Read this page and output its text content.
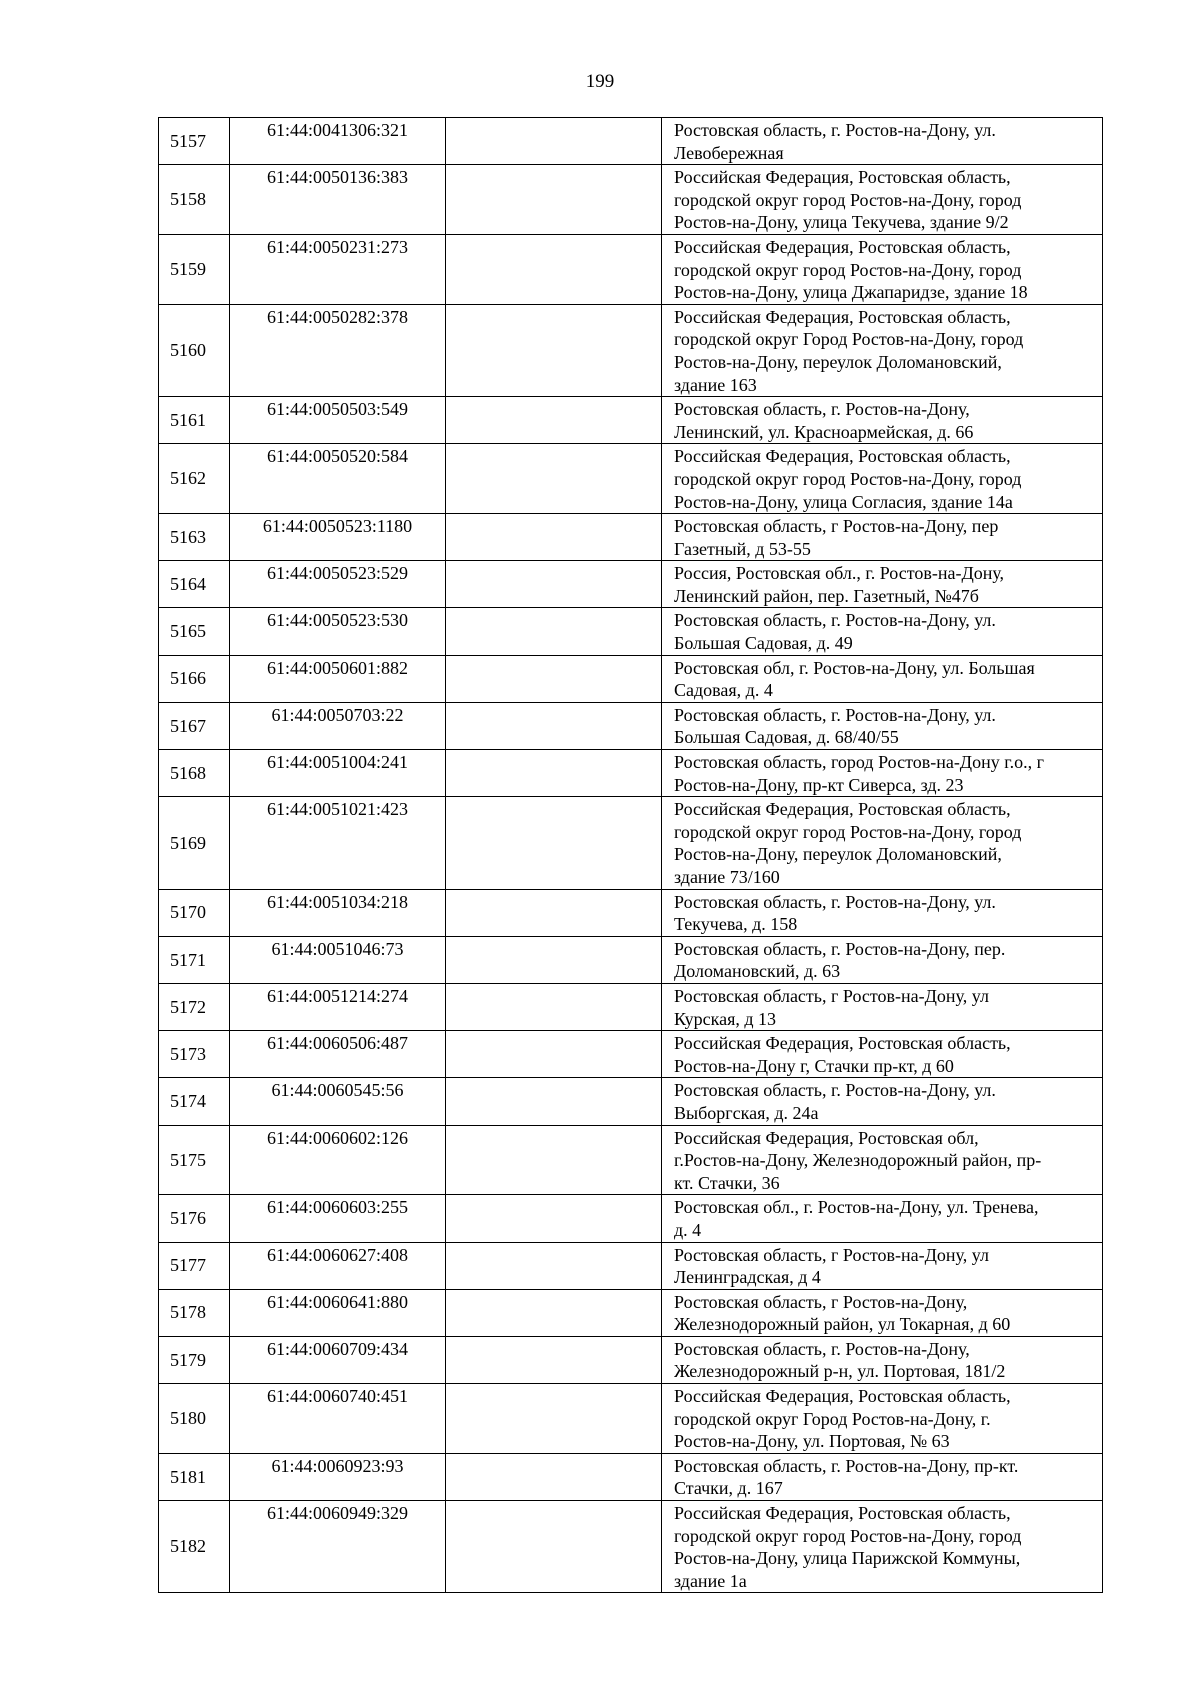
199
5157	61:44:0041306:321		Ростовская область, г. Ростов-на-Дону, ул.
Левобережная

5158	61:44:0050136:383		Российская Федерация, Ростовская область,
городской округ город Ростов-на-Дону, город
Ростов-на-Дону, улица Текучева, здание 9/2

5159	61:44:0050231:273		Российская Федерация, Ростовская область,
городской округ город Ростов-на-Дону, город
Ростов-на-Дону, улица Джапаридзе, здание 18

5160	61:44:0050282:378		Российская Федерация, Ростовская область,
городской округ Город Ростов-на-Дону, город
Ростов-на-Дону, переулок Доломановский,
здание 163

5161	61:44:0050503:549		Ростовская область, г. Ростов-на-Дону,
Ленинский, ул. Красноармейская, д. 66

5162	61:44:0050520:584		Российская Федерация, Ростовская область,
городской округ город Ростов-на-Дону, город
Ростов-на-Дону, улица Согласия, здание 14а

5163	61:44:0050523:1180		Ростовская область, г Ростов-на-Дону, пер
Газетный, д 53-55

5164	61:44:0050523:529		Россия, Ростовская обл., г. Ростов-на-Дону,
Ленинский район, пер. Газетный, №47б

5165	61:44:0050523:530		Ростовская область, г. Ростов-на-Дону, ул.
Большая Садовая, д. 49

5166	61:44:0050601:882		Ростовская обл, г. Ростов-на-Дону, ул. Большая
Садовая, д. 4

5167	61:44:0050703:22		Ростовская область, г. Ростов-на-Дону, ул.
Большая Садовая, д. 68/40/55

5168	61:44:0051004:241		Ростовская область, город Ростов-на-Дону г.о., г
Ростов-на-Дону, пр-кт Сиверса, зд. 23

5169	61:44:0051021:423		Российская Федерация, Ростовская область,
городской округ город Ростов-на-Дону, город
Ростов-на-Дону, переулок Доломановский,
здание 73/160

5170	61:44:0051034:218		Ростовская область, г. Ростов-на-Дону, ул.
Текучева, д. 158

5171	61:44:0051046:73		Ростовская область, г. Ростов-на-Дону, пер.
Доломановский, д. 63

5172	61:44:0051214:274		Ростовская область, г Ростов-на-Дону, ул
Курская, д 13

5173	61:44:0060506:487		Российская Федерация, Ростовская область,
Ростов-на-Дону г, Стачки пр-кт, д 60

5174	61:44:0060545:56		Ростовская область, г. Ростов-на-Дону, ул.
Выборгская, д. 24а

5175	61:44:0060602:126		Российская Федерация, Ростовская обл,
г.Ростов-на-Дону, Железнодорожный район, пр-
кт. Стачки, 36

5176	61:44:0060603:255		Ростовская обл., г. Ростов-на-Дону, ул. Тренева,
д. 4

5177	61:44:0060627:408		Ростовская область, г Ростов-на-Дону, ул
Ленинградская, д 4

5178	61:44:0060641:880		Ростовская область, г Ростов-на-Дону,
Железнодорожный район, ул Токарная, д 60

5179	61:44:0060709:434		Ростовская область, г. Ростов-на-Дону,
Железнодорожный р-н, ул. Портовая, 181/2

5180	61:44:0060740:451		Российская Федерация, Ростовская область,
городской округ Город Ростов-на-Дону, г.
Ростов-на-Дону, ул. Портовая, № 63

5181	61:44:0060923:93		Ростовская область, г. Ростов-на-Дону, пр-кт.
Стачки, д. 167

5182	61:44:0060949:329		Российская Федерация, Ростовская область,
городской округ город Ростов-на-Дону, город
Ростов-на-Дону, улица Парижской Коммуны,
здание 1а
